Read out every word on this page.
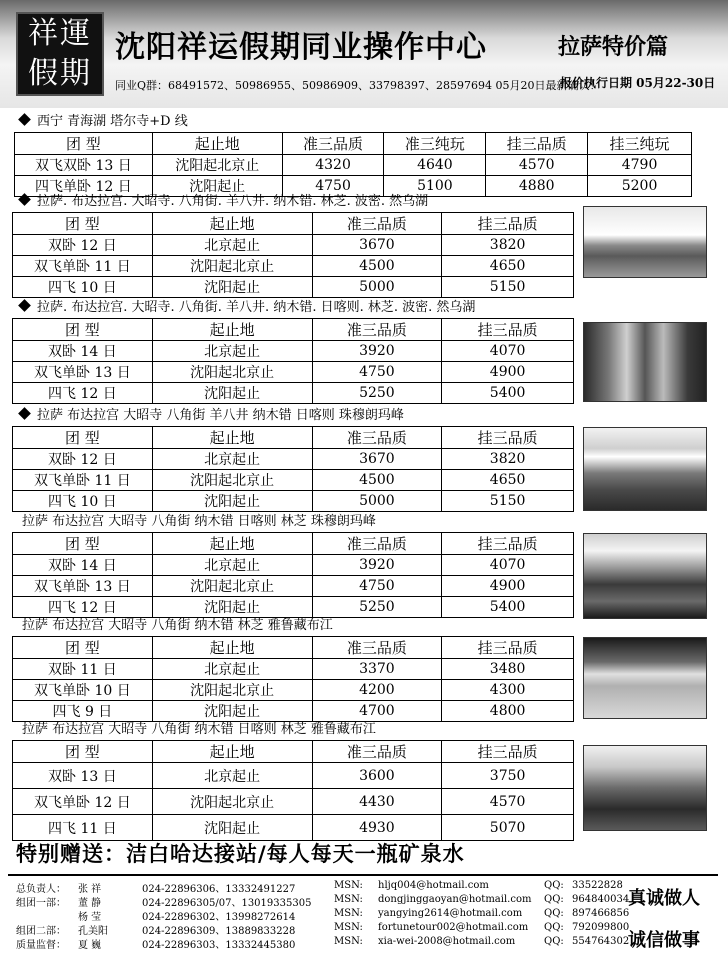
祥運
假期
沈阳祥运假期同业操作中心	拉萨特价篇
同业Q群：68491572、50986955、50986909、33798397、28597694 05月20日最新确认！
报价执行日期 05月22-30日
西宁 青海湖 塔尔寺+D 线
团 型	起止地	准三品质	准三纯玩	挂三品质	挂三纯玩
双飞双卧 13 日	沈阳起北京止	4320	4640	4570	4790
四飞单卧 12 日	沈阳起止	4750	5100	4880	5200
拉萨. 布达拉宫. 大昭寺. 八角街. 羊八井. 纳木错. 林芝. 波密. 然乌湖
团 型	起止地	准三品质	挂三品质
双卧 12 日	北京起止	3670	3820
双飞单卧 11 日	沈阳起北京止	4500	4650
四飞 10 日	沈阳起止	5000	5150
拉萨. 布达拉宫. 大昭寺. 八角街. 羊八井. 纳木错. 日喀则. 林芝. 波密. 然乌湖
团 型	起止地	准三品质	挂三品质
双卧 14 日	北京起止	3920	4070
双飞单卧 13 日	沈阳起北京止	4750	4900
四飞 12 日	沈阳起止	5250	5400
拉萨 布达拉宫 大昭寺 八角街 羊八井 纳木错 日喀则 珠穆朗玛峰
团 型	起止地	准三品质	挂三品质
双卧 12 日	北京起止	3670	3820
双飞单卧 11 日	沈阳起北京止	4500	4650
四飞 10 日	沈阳起止	5000	5150
拉萨 布达拉宫 大昭寺 八角街 纳木错 日喀则 林芝 珠穆朗玛峰
团 型	起止地	准三品质	挂三品质
双卧 14 日	北京起止	3920	4070
双飞单卧 13 日	沈阳起北京止	4750	4900
四飞 12 日	沈阳起止	5250	5400
拉萨 布达拉宫 大昭寺 八角街 纳木错 林芝 雅鲁藏布江
团 型	起止地	准三品质	挂三品质
双卧 11 日	北京起止	3370	3480
双飞单卧 10 日	沈阳起北京止	4200	4300
四飞 9 日	沈阳起止	4700	4800
拉萨 布达拉宫 大昭寺 八角街 纳木错 日喀则 林芝 雅鲁藏布江
团 型	起止地	准三品质	挂三品质
双卧 13 日	北京起止	3600	3750
双飞单卧 12 日	沈阳起北京止	4430	4570
四飞 11 日	沈阳起止	4930	5070
特别赠送：洁白哈达接站/每人每天一瓶矿泉水
总负责人： 张 祥	024-22896306、13332491227	MSN: hljq004@hotmail.com	QQ: 33522828
组团一部： 董 静	024-22896305/07、13019335305 MSN: dongjinggaoyan@hotmail.com QQ: 964840034
杨 莹	024-22896302、13998272614	MSN: yangying2614@hotmail.com QQ: 897466856
组团二部： 孔美阳	024-22896309、13889833228	MSN: fortunetour002@hotmail.com QQ: 792099800
质量监督： 夏 巍	024-22896303、13332445380	MSN: xia-wei-2008@hotmail.com	QQ: 554764302
真诚做人
诚信做事
